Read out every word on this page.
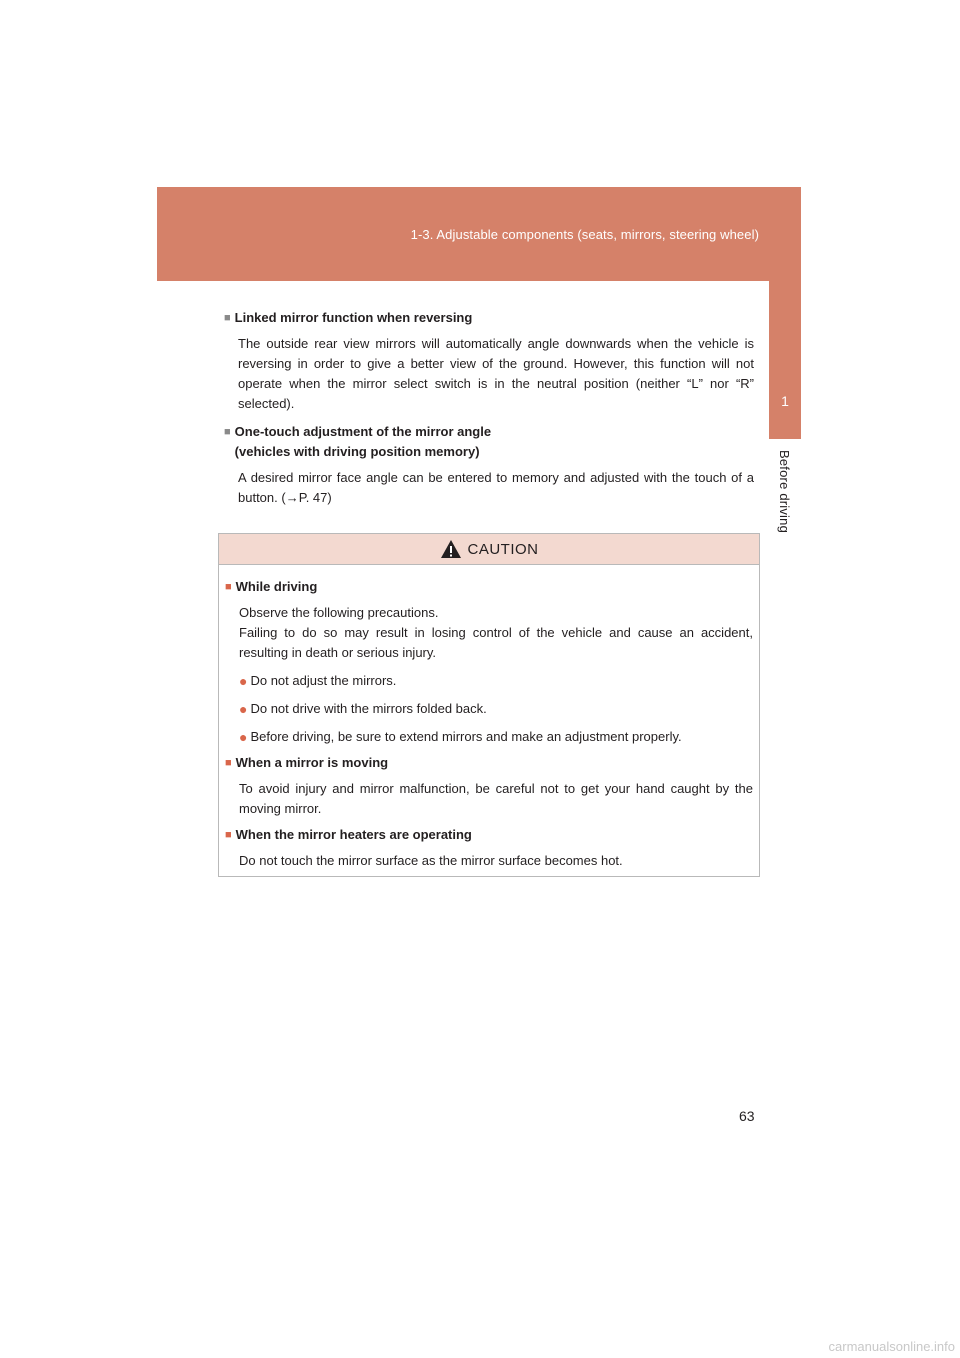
1-3. Adjustable components (seats, mirrors, steering wheel)
1
Before driving
■ Linked mirror function when reversing
The outside rear view mirrors will automatically angle downwards when the vehicle is reversing in order to give a better view of the ground. However, this function will not operate when the mirror select switch is in the neutral position (neither “L” nor “R” selected).
■ One-touch adjustment of the mirror angle
(vehicles with driving position memory)
A desired mirror face angle can be entered to memory and adjusted with the touch of a button. (→P. 47)
CAUTION
■ While driving
Observe the following precautions.
Failing to do so may result in losing control of the vehicle and cause an accident, resulting in death or serious injury.
● Do not adjust the mirrors.
● Do not drive with the mirrors folded back.
● Before driving, be sure to extend mirrors and make an adjustment properly.
■ When a mirror is moving
To avoid injury and mirror malfunction, be careful not to get your hand caught by the moving mirror.
■ When the mirror heaters are operating
Do not touch the mirror surface as the mirror surface becomes hot.
63
carmanualsonline.info
